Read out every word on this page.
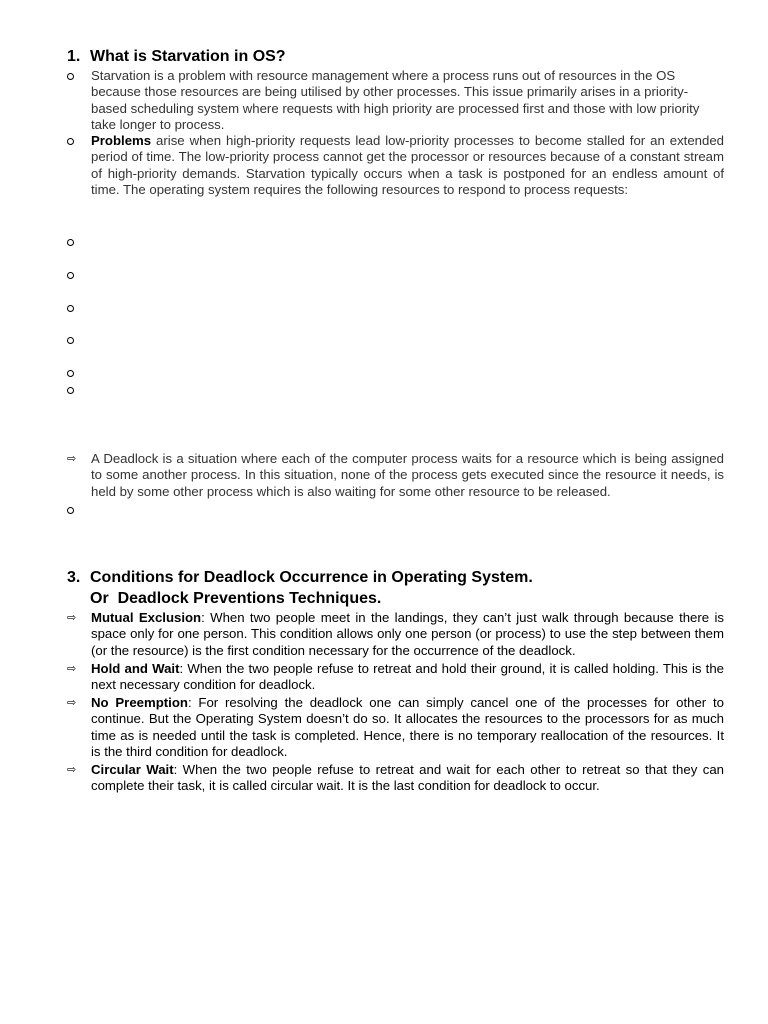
1. What is Starvation in OS?
Starvation is a problem with resource management where a process runs out of resources in the OS because those resources are being utilised by other processes. This issue primarily arises in a priority-based scheduling system where requests with high priority are processed first and those with low priority take longer to process.
Problems arise when high-priority requests lead low-priority processes to become stalled for an extended period of time. The low-priority process cannot get the processor or resources because of a constant stream of high-priority demands. Starvation typically occurs when a task is postponed for an endless amount of time. The operating system requires the following resources to respond to process requests:
⇨	A Deadlock is a situation where each of the computer process waits for a resource which is being assigned to some another process. In this situation, none of the process gets executed since the resource it needs, is held by some other process which is also waiting for some other resource to be released.
3. Conditions for Deadlock Occurrence in Operating System.
Or  Deadlock Preventions Techniques.
⇨	Mutual Exclusion: When two people meet in the landings, they can’t just walk through because there is space only for one person. This condition allows only one person (or process) to use the step between them (or the resource) is the first condition necessary for the occurrence of the deadlock.
⇨	Hold and Wait: When the two people refuse to retreat and hold their ground, it is called holding. This is the next necessary condition for deadlock.
⇨	No Preemption: For resolving the deadlock one can simply cancel one of the processes for other to continue. But the Operating System doesn’t do so. It allocates the resources to the processors for as much time as is needed until the task is completed. Hence, there is no temporary reallocation of the resources. It is the third condition for deadlock.
⇨	Circular Wait: When the two people refuse to retreat and wait for each other to retreat so that they can complete their task, it is called circular wait. It is the last condition for deadlock to occur.
